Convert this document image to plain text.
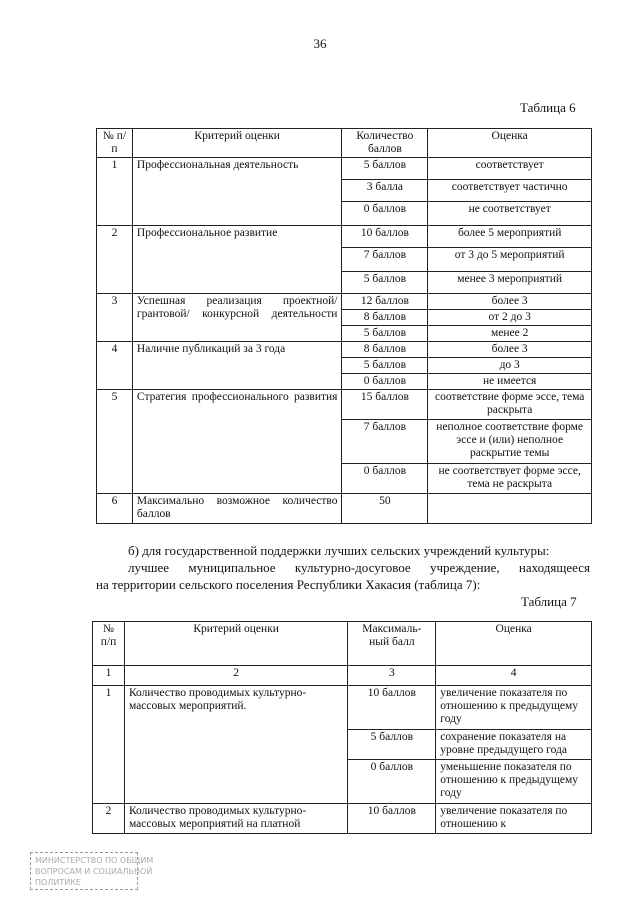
36
Таблица 6
№ п/п	Критерий оценки	Количество баллов	Оценка
1	Профессиональная деятельность	5 баллов	соответствует
		3 балла	соответствует частично
		0 баллов	не соответствует
2	Профессиональное развитие	10 баллов	более 5 мероприятий
		7 баллов	от 3 до 5 мероприятий
		5 баллов	менее 3 мероприятий
3	Успешная реализация проектной/ грантовой/ конкурсной деятельности	12 баллов	более 3
		8 баллов	от 2 до 3
		5 баллов	менее 2
4	Наличие публикаций за 3 года	8 баллов	более 3
		5 баллов	до 3
		0 баллов	не имеется
5	Стратегия профессионального развития	15 баллов	соответствие форме эссе, тема раскрыта
		7 баллов	неполное соответствие форме эссе и (или) неполное раскрытие темы
		0 баллов	не соответствует форме эссе, тема не раскрыта
6	Максимально возможное количество баллов	50	
б) для государственной поддержки лучших сельских учреждений культуры:
лучшее муниципальное культурно-досуговое учреждение, находящееся
на территории сельского поселения Республики Хакасия (таблица 7):
Таблица 7
№ п/п	Критерий оценки	Максималь-ный балл	Оценка
1	2	3	4
1	Количество проводимых культурно-массовых мероприятий.	10 баллов	увеличение показателя по отношению к предыдущему году
		5 баллов	сохранение показателя на уровне предыдущего года
		0 баллов	уменьшение показателя по отношению к предыдущему году
2	Количество проводимых культурно-массовых мероприятий на платной	10 баллов	увеличение показателя по отношению к
МИНИСТЕРСТВО ПО ОБЩИМ
ВОПРОСАМ И СОЦИАЛЬНОЙ
ПОЛИТИКЕ
